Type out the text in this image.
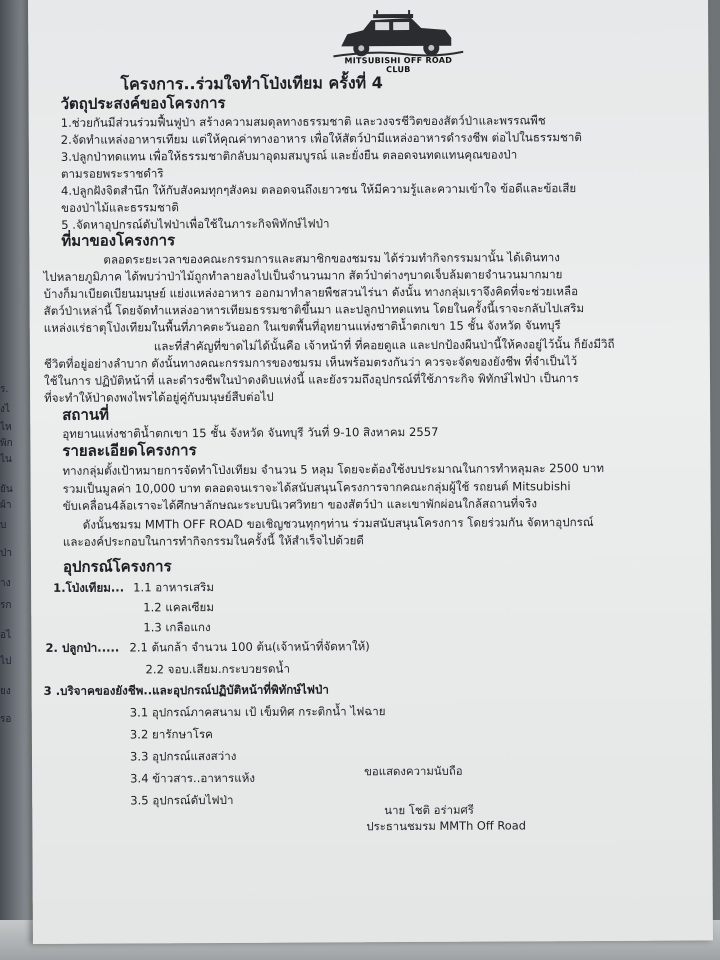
ร.
งไ
ไห
พิก
ไน
ยัน
ผ้า
บ
ป่า
าง
รก
อไ
ไป
ยง
รอ
MITSUBISHI OFF ROAD CLUB
โครงการ..ร่วมใจทำโป่งเทียม ครั้งที่ 4
วัตถุประสงค์ของโครงการ
1.ช่วยกันมีส่วนร่วมฟื้นฟูป่า สร้างความสมดุลทางธรรมชาติ และวงจรชีวิตของสัตว์ป่าและพรรณพืช
2.จัดทำแหล่งอาหารเทียม แต่ให้คุณค่าทางอาหาร เพื่อให้สัตว์ป่ามีแหล่งอาหารดำรงชีพ ต่อไปในธรรมชาติ
3.ปลูกป่าทดแทน เพื่อให้ธรรมชาติกลับมาอุดมสมบูรณ์ และยั่งยืน ตลอดจนทดแทนคุณของป่า
ตามรอยพระราชดำริ
4.ปลูกฝังจิตสำนึก ให้กับสังคมทุกๆสังคม ตลอดจนถึงเยาวชน ให้มีความรู้และความเข้าใจ ข้อดีและข้อเสีย
ของป่าไม้และธรรมชาติ
5 .จัดหาอุปกรณ์ดับไฟป่าเพื่อใช้ในภาระกิจพิทักษ์ไฟป่า
ที่มาของโครงการ
ตลอดระยะเวลาของคณะกรรมการและสมาชิกของชมรม ได้ร่วมทำกิจกรรมมานั้น ได้เดินทาง
ไปหลายภูมิภาค ได้พบว่าป่าไม้ถูกทำลายลงไปเป็นจำนวนมาก สัตว์ป่าต่างๆบาดเจ็บล้มตายจำนวนมากมาย
บ้างก็มาเบียดเบียนมนุษย์ แย่งแหล่งอาหาร ออกมาทำลายพืชสวนไร่นา ดังนั้น ทางกลุ่มเราจึงคิดที่จะช่วยเหลือ
สัตว์ป่าเหล่านี้ โดยจัดทำแหล่งอาหารเทียมธรรมชาติขึ้นมา และปลูกป่าทดแทน โดยในครั้งนี้เราจะกลับไปเสริม
แหล่งแร่ธาตุโป่งเทียมในพื้นที่ภาคตะวันออก ในเขตพื้นที่อุทยานแห่งชาติน้ำตกเขา 15 ชั้น จังหวัด จันทบุรี
และที่สำคัญที่ขาดไม่ได้นั้นคือ เจ้าหน้าที่ ที่คอยดูแล และปกป้องผืนป่านี้ให้คงอยู่ไว้นั้น ก็ยังมีวิถี
ชีวิตที่อยู่อย่างลำบาก ดังนั้นทางคณะกรรมการของชมรม เห็นพร้อมตรงกันว่า ควรจะจัดของยังชีพ ที่จำเป็นไว้
ใช้ในการ ปฏิบัติหน้าที่ และดำรงชีพในป่าดงดิบแห่งนี้ และยังรวมถึงอุปกรณ์ที่ใช้ภาระกิจ พิทักษ์ไฟป่า เป็นการ
ที่จะทำให้ป่าดงพงไพรได้อยู่คู่กับมนุษย์สืบต่อไป
สถานที่
อุทยานแห่งชาติน้ำตกเขา 15 ชั้น จังหวัด จันทบุรี วันที่ 9-10 สิงหาคม 2557
รายละเอียดโครงการ
ทางกลุ่มตั้งเป้าหมายการจัดทำโป่งเทียม จำนวน 5 หลุม โดยจะต้องใช้งบประมาณในการทำหลุมละ 2500 บาท
รวมเป็นมูลค่า 10,000 บาท ตลอดจนเราจะได้สนับสนุนโครงการจากคณะกลุ่มผู้ใช้ รถยนต์ Mitsubishi
ขับเคลื่อน4ล้อเราจะได้ศึกษาลักษณะระบบนิเวศวิทยา ของสัตว์ป่า และเขาพักผ่อนใกล้สถานที่จริง
ดังนั้นชมรม MMTh OFF ROAD ขอเชิญชวนทุกๆท่าน ร่วมสนับสนุนโครงการ โดยร่วมกัน จัดหาอุปกรณ์
และองค์ประกอบในการทำกิจกรรมในครั้งนี้ ให้สำเร็จไปด้วยดี
อุปกรณ์โครงการ
1.โป่งเทียม... 1.1 อาหารเสริม
1.2 แคลเซียม
1.3 เกลือแกง
2. ปลูกป่า..... 2.1 ต้นกล้า จำนวน 100 ต้น(เจ้าหน้าที่จัดหาให้)
2.2 จอบ.เสียม.กระบวยรดน้ำ
3 .บริจาคของยังชีพ..และอุปกรณ์ปฏิบัติหน้าที่พิทักษ์ไฟป่า
3.1 อุปกรณ์ภาคสนาม เป้ เข็มทิศ กระติกน้ำ ไฟฉาย
3.2 ยารักษาโรค
3.3 อุปกรณ์แสงสว่าง
3.4 ข้าวสาร..อาหารแห้ง
3.5 อุปกรณ์ดับไฟป่า
ขอแสดงความนับถือ
นาย โชติ อร่ามศรี
ประธานชมรม MMTh Off Road
